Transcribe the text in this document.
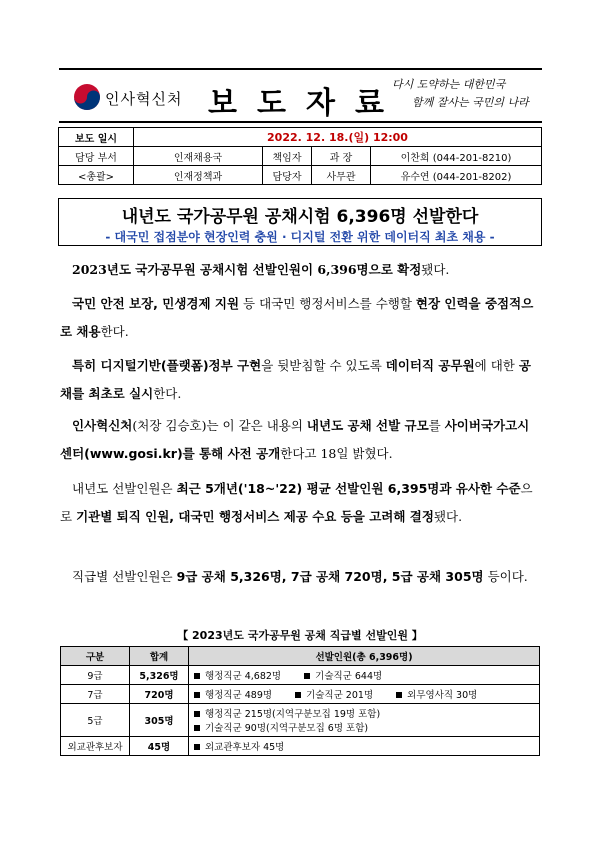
인사혁신처 보도자료
다시 도약하는 대한민국
함께 잘사는 국민의 나라
보도 일시	2022. 12. 18.(일) 12:00			
담당 부서	인재채용국	책임자	과 장	이찬희 (044-201-8210)
<총괄>	인재정책과	담당자	사무관	유수연 (044-201-8202)
내년도 국가공무원 공채시험 6,396명 선발한다
- 대국민 접점분야 현장인력 충원 · 디지털 전환 위한 데이터직 최초 채용 -
2023년도 국가공무원 공채시험 선발인원이 6,396명으로 확정됐다.
국민 안전 보장, 민생경제 지원 등 대국민 행정서비스를 수행할 현장 인력을 중점적으로 채용한다.
특히 디지털기반(플랫폼)정부 구현을 뒷받침할 수 있도록 데이터직 공무원에 대한 공채를 최초로 실시한다.
인사혁신처(처장 김승호)는 이 같은 내용의 내년도 공채 선발 규모를 사이버국가고시센터(www.gosi.kr)를 통해 사전 공개한다고 18일 밝혔다.
내년도 선발인원은 최근 5개년('18~'22) 평균 선발인원 6,395명과 유사한 수준으로 기관별 퇴직 인원, 대국민 행정서비스 제공 수요 등을 고려해 결정됐다.
직급별 선발인원은 9급 공채 5,326명, 7급 공채 720명, 5급 공채 305명 등이다.
【 2023년도 국가공무원 공채 직급별 선발인원 】
구분	합계	선발인원(총 6,396명)
9급	5,326명	행정직군 4,682명 기술직군 644명
7급	720명	행정직군 489명 기술직군 201명 외무영사직 30명
5급	305명	행정직군 215명(지역구분모집 19명 포함)
기술직군 90명(지역구분모집 6명 포함)

외교관후보자	45명	외교관후보자 45명
